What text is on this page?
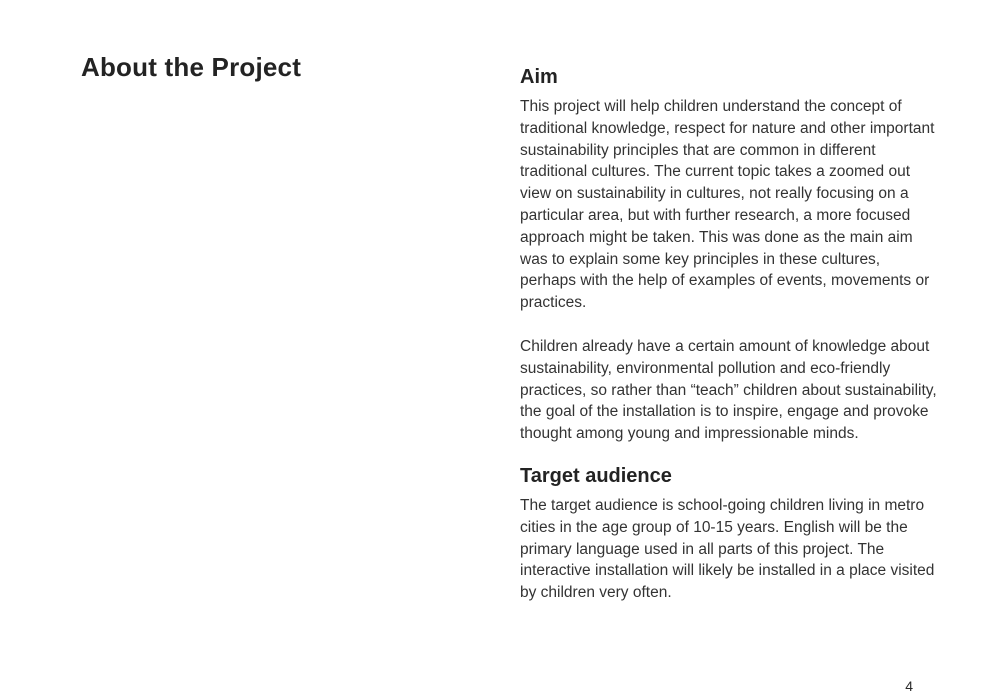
About the Project	Aim

This project will help children understand the concept of traditional knowledge, respect for nature and other important sustainability principles that are common in different traditional cultures. The current topic takes a zoomed out view on sustainability in cultures, not really focusing on a particular area, but with further research, a more focused approach might be taken. This was done as the main aim was to explain some key principles in these cultures, perhaps with the help of examples of events, movements or practices.

Children already have a certain amount of knowledge about sustainability, environmental pollution and eco-friendly practices, so rather than “teach” children about sustainability, the goal of the installation is to inspire, engage and provoke thought among young and impressionable minds.

Target audience

The target audience is school-going children living in metro cities in the age group of 10-15 years. English will be the primary language used in all parts of this project. The interactive installation will likely be installed in a place visited by children very often.

4
